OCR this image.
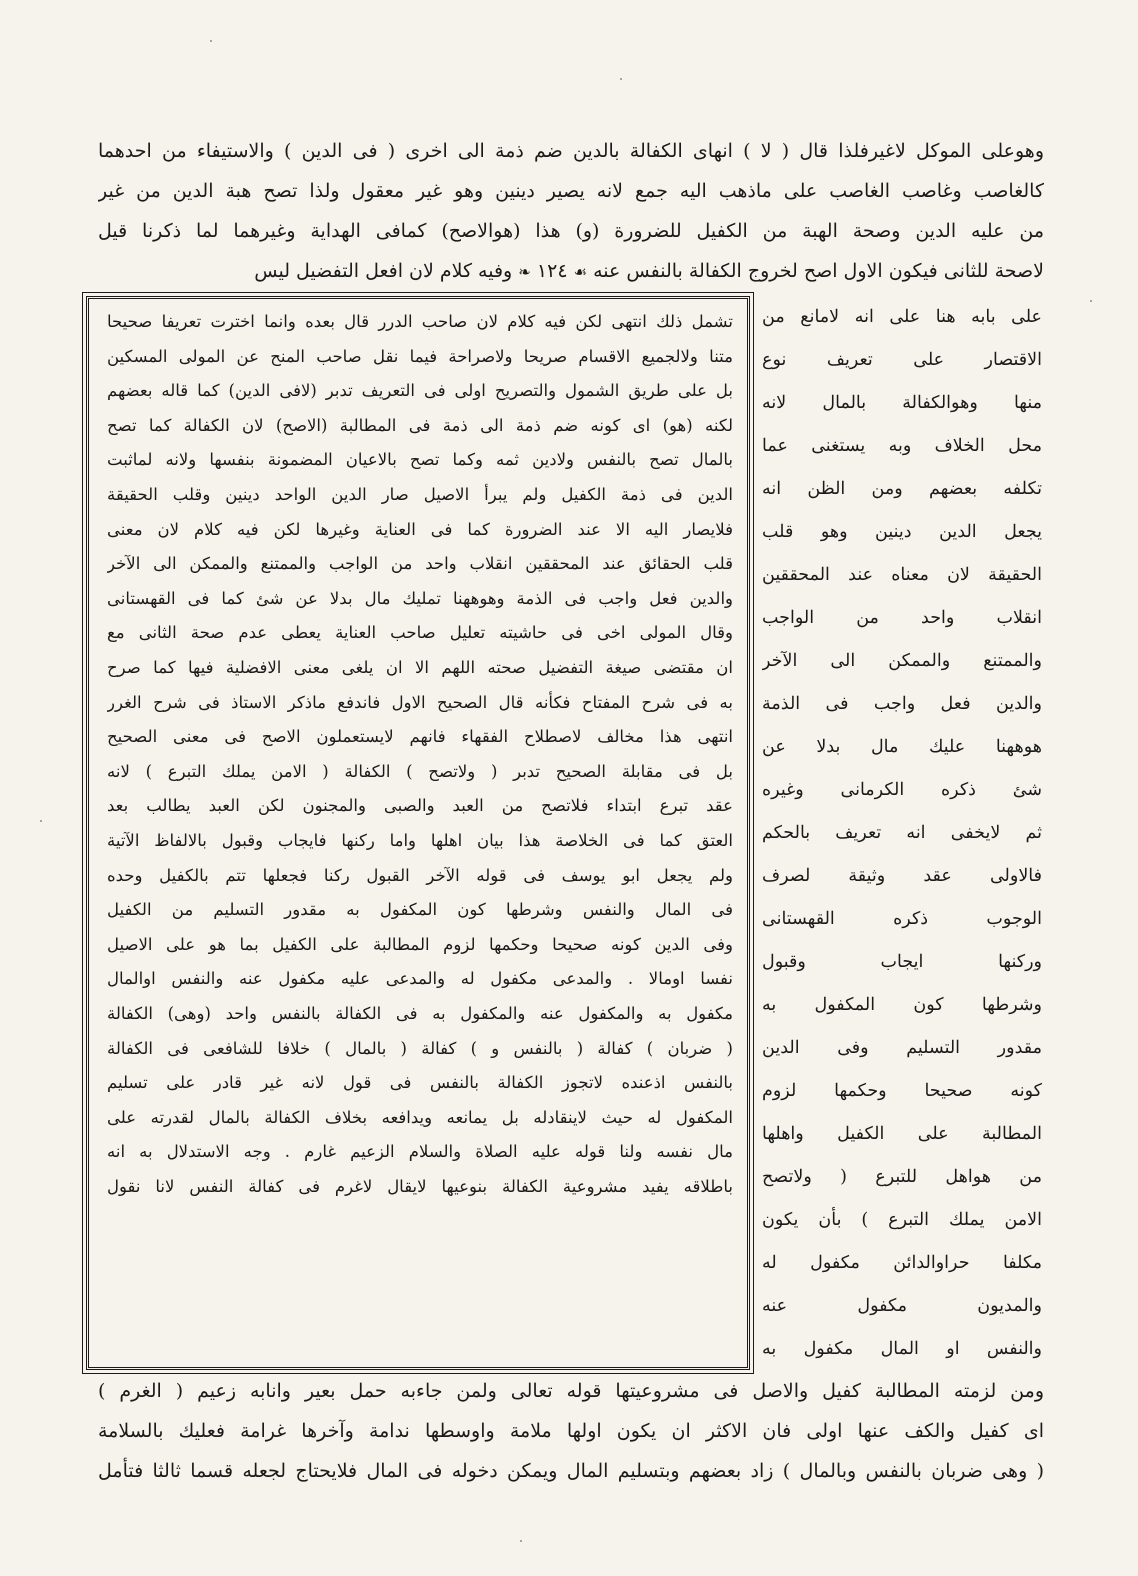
وهوعلى الموكل لاغيرفلذا قال ( لا ) انهاى الكفالة بالدين ضم ذمة الى اخرى ( فى الدين ) والاستيفاء من احدهما
كالغاصب وغاصب الغاصب على ماذهب اليه جمع لانه يصير دينين وهو غير معقول ولذا تصح هبة الدين من غير
من عليه الدين وصحة الهبة من الكفيل للضرورة (و) هذا (هوالاصح) كمافى الهداية وغيرهما لما ذكرنا قيل
لاصحة للثانى فيكون الاول اصح لخروج الكفالة بالنفس عنه ☙ ١٢٤ ❧ وفيه كلام لان افعل التفضيل ليس
على بابه هنا على انه لامانع من
الاقتصار على تعريف نوع
منها وهوالكفالة بالمال لانه
محل الخلاف وبه يستغنى عما
تكلفه بعضهم ومن الظن انه
يجعل الدين دينين وهو قلب
الحقيقة لان معناه عند المحققين
انقلاب واحد من الواجب
والممتنع والممكن الى الآخر
والدين فعل واجب فى الذمة
هوههنا عليك مال بدلا عن
شئ ذكره الكرمانى وغيره
ثم لايخفى انه تعريف بالحكم
فالاولى عقد وثيقة لصرف
الوجوب ذكره القهستانى
وركنها ايجاب وقبول
وشرطها كون المكفول به
مقدور التسليم وفى الدين
كونه صحيحا وحكمها لزوم
المطالبة على الكفيل واهلها
من هواهل للتبرع ( ولاتصح
الامن يملك التبرع ) بأن يكون
مكلفا حراوالدائن مكفول له
والمديون مكفول عنه
والنفس او المال مكفول به
تشمل ذلك انتهى لكن فيه كلام لان صاحب الدرر قال بعده وانما اخترت تعريفا صحيحا
متنا ولالجميع الاقسام صريحا ولاصراحة فيما نقل صاحب المنح عن المولى المسكين
بل على طريق الشمول والتصريح اولى فى التعريف تدبر (لافى الدين) كما قاله بعضهم
لكنه (هو) اى كونه ضم ذمة الى ذمة فى المطالبة (الاصح) لان الكفالة كما تصح
بالمال تصح بالنفس ولادين ثمه وكما تصح بالاعيان المضمونة بنفسها ولانه لماثبت
الدين فى ذمة الكفيل ولم يبرأ الاصيل صار الدين الواحد دينين وقلب الحقيقة
فلايصار اليه الا عند الضرورة كما فى العناية وغيرها لكن فيه كلام لان معنى
قلب الحقائق عند المحققين انقلاب واحد من الواجب والممتنع والممكن الى الآخر
والدين فعل واجب فى الذمة وهوههنا تمليك مال بدلا عن شئ كما فى القهستانى
وقال المولى اخى فى حاشيته تعليل صاحب العناية يعطى عدم صحة الثانى مع
ان مقتضى صيغة التفضيل صحته اللهم الا ان يلغى معنى الافضلية فيها كما صرح
به فى شرح المفتاح فكأنه قال الصحيح الاول فاندفع ماذكر الاستاذ فى شرح الغرر
انتهى هذا مخالف لاصطلاح الفقهاء فانهم لايستعملون الاصح فى معنى الصحيح
بل فى مقابلة الصحيح تدبر ( ولاتصح ) الكفالة ( الامن يملك التبرع ) لانه
عقد تبرع ابتداء فلاتصح من العبد والصبى والمجنون لكن العبد يطالب بعد
العتق كما فى الخلاصة هذا بيان اهلها واما ركنها فايجاب وقبول بالالفاظ الآتية
ولم يجعل ابو يوسف فى قوله الآخر القبول ركنا فجعلها تتم بالكفيل وحده
فى المال والنفس وشرطها كون المكفول به مقدور التسليم من الكفيل
وفى الدين كونه صحيحا وحكمها لزوم المطالبة على الكفيل بما هو على الاصيل
نفسا اومالا . والمدعى مكفول له والمدعى عليه مكفول عنه والنفس اوالمال
مكفول به والمكفول عنه والمكفول به فى الكفالة بالنفس واحد (وهى) الكفالة
( ضربان ) كفالة ( بالنفس و ) كفالة ( بالمال ) خلافا للشافعى فى الكفالة
بالنفس اذعنده لاتجوز الكفالة بالنفس فى قول لانه غير قادر على تسليم
المكفول له حيث لاينقادله بل يمانعه ويدافعه بخلاف الكفالة بالمال لقدرته على
مال نفسه ولنا قوله عليه الصلاة والسلام الزعيم غارم . وجه الاستدلال به انه
باطلاقه يفيد مشروعية الكفالة بنوعيها لايقال لاغرم فى كفالة النفس لانا نقول
ومن لزمته المطالبة كفيل والاصل فى مشروعيتها قوله تعالى ولمن جاءبه حمل بعير وانابه زعيم ( الغرم )
اى كفيل والكف عنها اولى فان الاكثر ان يكون اولها ملامة واوسطها ندامة وآخرها غرامة فعليك بالسلامة
( وهى ضربان بالنفس وبالمال ) زاد بعضهم وبتسليم المال ويمكن دخوله فى المال فلايحتاج لجعله قسما ثالثا فتأمل
